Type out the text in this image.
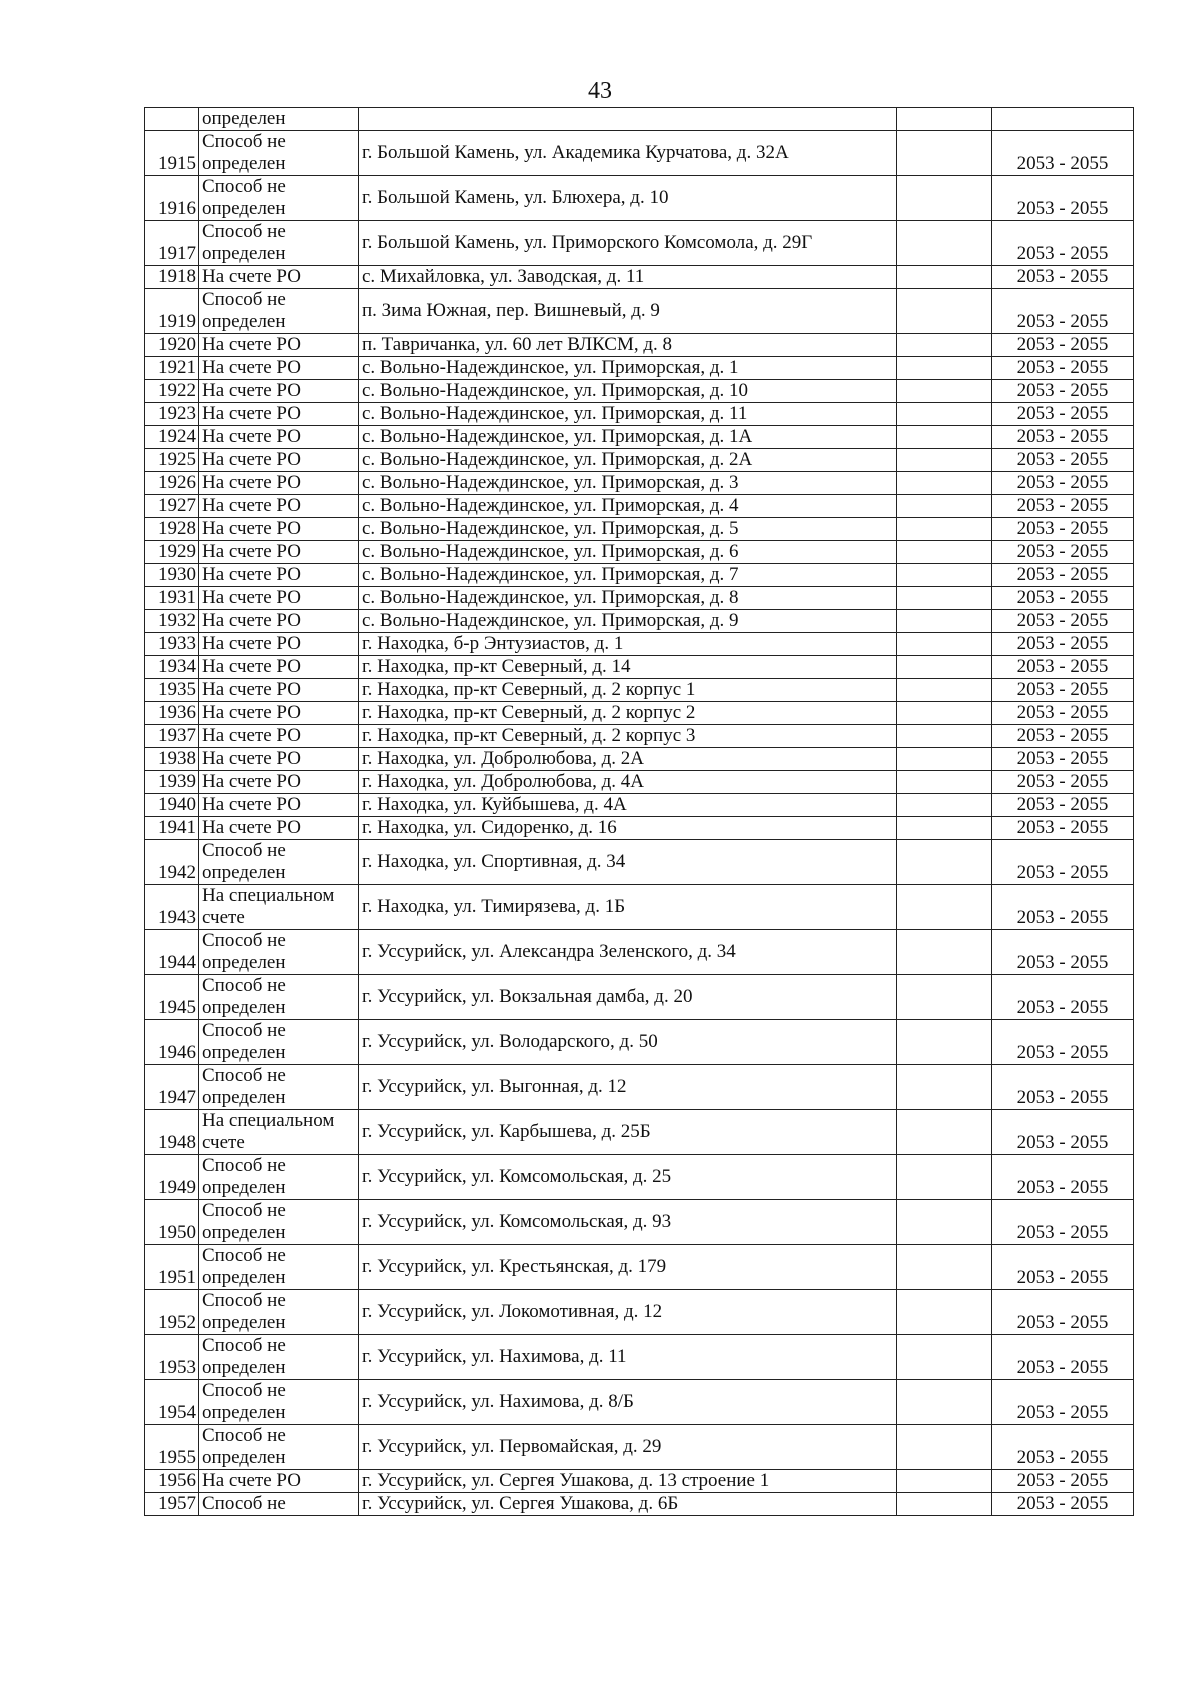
43
	определен			
1915	Способ не определен	г. Большой Камень, ул. Академика Курчатова, д. 32А		2053 - 2055
1916	Способ не определен	г. Большой Камень, ул. Блюхера, д. 10		2053 - 2055
1917	Способ не определен	г. Большой Камень, ул. Приморского Комсомола, д. 29Г		2053 - 2055
1918	На счете РО	с. Михайловка, ул. Заводская, д. 11		2053 - 2055
1919	Способ не определен	п. Зима Южная, пер. Вишневый, д. 9		2053 - 2055
1920	На счете РО	п. Тавричанка, ул. 60 лет ВЛКСМ, д. 8		2053 - 2055
1921	На счете РО	с. Вольно-Надеждинское, ул. Приморская, д. 1		2053 - 2055
1922	На счете РО	с. Вольно-Надеждинское, ул. Приморская, д. 10		2053 - 2055
1923	На счете РО	с. Вольно-Надеждинское, ул. Приморская, д. 11		2053 - 2055
1924	На счете РО	с. Вольно-Надеждинское, ул. Приморская, д. 1А		2053 - 2055
1925	На счете РО	с. Вольно-Надеждинское, ул. Приморская, д. 2А		2053 - 2055
1926	На счете РО	с. Вольно-Надеждинское, ул. Приморская, д. 3		2053 - 2055
1927	На счете РО	с. Вольно-Надеждинское, ул. Приморская, д. 4		2053 - 2055
1928	На счете РО	с. Вольно-Надеждинское, ул. Приморская, д. 5		2053 - 2055
1929	На счете РО	с. Вольно-Надеждинское, ул. Приморская, д. 6		2053 - 2055
1930	На счете РО	с. Вольно-Надеждинское, ул. Приморская, д. 7		2053 - 2055
1931	На счете РО	с. Вольно-Надеждинское, ул. Приморская, д. 8		2053 - 2055
1932	На счете РО	с. Вольно-Надеждинское, ул. Приморская, д. 9		2053 - 2055
1933	На счете РО	г. Находка, б-р Энтузиастов, д. 1		2053 - 2055
1934	На счете РО	г. Находка, пр-кт Северный, д. 14		2053 - 2055
1935	На счете РО	г. Находка, пр-кт Северный, д. 2 корпус 1		2053 - 2055
1936	На счете РО	г. Находка, пр-кт Северный, д. 2 корпус 2		2053 - 2055
1937	На счете РО	г. Находка, пр-кт Северный, д. 2 корпус 3		2053 - 2055
1938	На счете РО	г. Находка, ул. Добролюбова, д. 2А		2053 - 2055
1939	На счете РО	г. Находка, ул. Добролюбова, д. 4А		2053 - 2055
1940	На счете РО	г. Находка, ул. Куйбышева, д. 4А		2053 - 2055
1941	На счете РО	г. Находка, ул. Сидоренко, д. 16		2053 - 2055
1942	Способ не определен	г. Находка, ул. Спортивная, д. 34		2053 - 2055
1943	На специальном счете	г. Находка, ул. Тимирязева, д. 1Б		2053 - 2055
1944	Способ не определен	г. Уссурийск, ул. Александра Зеленского, д. 34		2053 - 2055
1945	Способ не определен	г. Уссурийск, ул. Вокзальная дамба, д. 20		2053 - 2055
1946	Способ не определен	г. Уссурийск, ул. Володарского, д. 50		2053 - 2055
1947	Способ не определен	г. Уссурийск, ул. Выгонная, д. 12		2053 - 2055
1948	На специальном счете	г. Уссурийск, ул. Карбышева, д. 25Б		2053 - 2055
1949	Способ не определен	г. Уссурийск, ул. Комсомольская, д. 25		2053 - 2055
1950	Способ не определен	г. Уссурийск, ул. Комсомольская, д. 93		2053 - 2055
1951	Способ не определен	г. Уссурийск, ул. Крестьянская, д. 179		2053 - 2055
1952	Способ не определен	г. Уссурийск, ул. Локомотивная, д. 12		2053 - 2055
1953	Способ не определен	г. Уссурийск, ул. Нахимова, д. 11		2053 - 2055
1954	Способ не определен	г. Уссурийск, ул. Нахимова, д. 8/Б		2053 - 2055
1955	Способ не определен	г. Уссурийск, ул. Первомайская, д. 29		2053 - 2055
1956	На счете РО	г. Уссурийск, ул. Сергея Ушакова, д. 13 строение 1		2053 - 2055
1957	Способ не	г. Уссурийск, ул. Сергея Ушакова, д. 6Б		2053 - 2055
